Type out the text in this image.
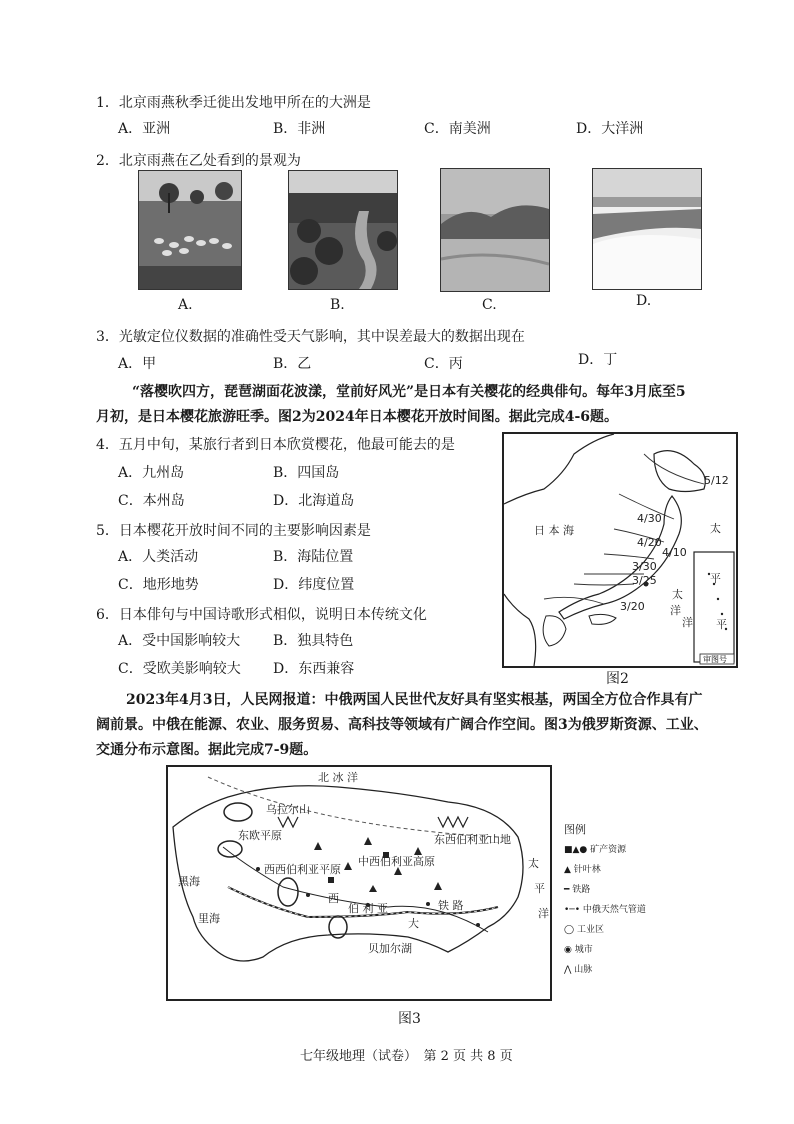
1．北京雨燕秋季迁徙出发地甲所在的大洲是
A．亚洲	B．非洲	C．南美洲	D．大洋洲
2．北京雨燕在乙处看到的景观为
A.	B.	C.	D.
3．光敏定位仪数据的准确性受天气影响，其中误差最大的数据出现在
A．甲	B．乙	C．丙	D．丁
“落樱吹四方，琵琶湖面花波漾，堂前好风光”是日本有关樱花的经典俳句。每年3月底至5
月初，是日本樱花旅游旺季。图2为2024年日本樱花开放时间图。据此完成4-6题。
4．五月中旬，某旅行者到日本欣赏樱花，他最可能去的是
A．九州岛	B．四国岛
C．本州岛	D．北海道岛
5．日本樱花开放时间不同的主要影响因素是
A．人类活动	B．海陆位置
C．地形地势	D．纬度位置
6．日本俳句与中国诗歌形式相似，说明日本传统文化
A．受中国影响较大 B．独具特色
C．受欧美影响较大 D．东西兼容
5/12
4/30
4/20
4/10
3/30
3/25
3/20
日 本 海	太
平
洋
太
平
洋
审图号
图2
2023年4月3日，人民网报道：中俄两国人民世代友好具有坚实根基，两国全方位合作具有广
阔前景。中俄在能源、农业、服务贸易、高科技等领域有广阔合作空间。图3为俄罗斯资源、工业、
交通分布示意图。据此完成7-9题。
北 冰 洋
太
平
洋
东欧平原
西西伯利亚平原
中西伯利亚高原
东西伯利亚山地
乌拉尔山
伯 利 亚	铁 路
大
西
里海
黑海
贝加尔湖
图例
■▲● 矿产资源
▲ 针叶林
━ 铁路
•─• 中俄天然气管道
◯ 工业区
◉ 城市
⋀ 山脉
图3
七年级地理（试卷）　第 2 页 共 8 页
